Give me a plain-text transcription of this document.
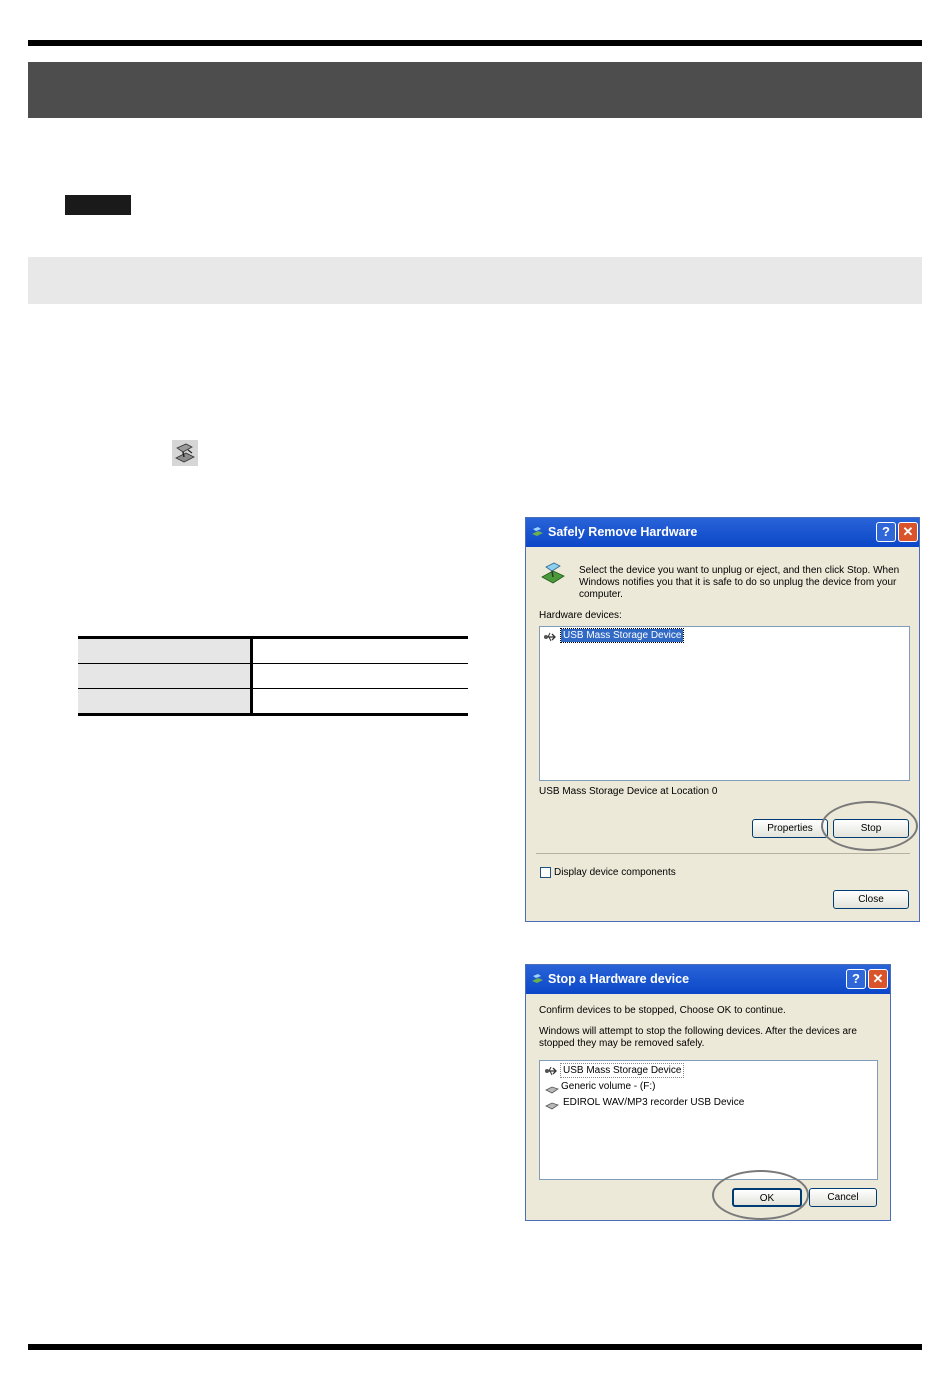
Safely Remove Hardware	? ✕
Select the device you want to unplug or eject, and then click Stop. When Windows notifies you that it is safe to do so unplug the device from your computer.
Hardware devices:
USB Mass Storage Device
USB Mass Storage Device at Location 0
Properties	Stop
Display device components
Close
Stop a Hardware device	? ✕
Confirm devices to be stopped, Choose OK to continue.
Windows will attempt to stop the following devices. After the devices are stopped they may be removed safely.
USB Mass Storage Device
Generic volume - (F:)
EDIROL WAV/MP3 recorder USB Device
OK	Cancel
